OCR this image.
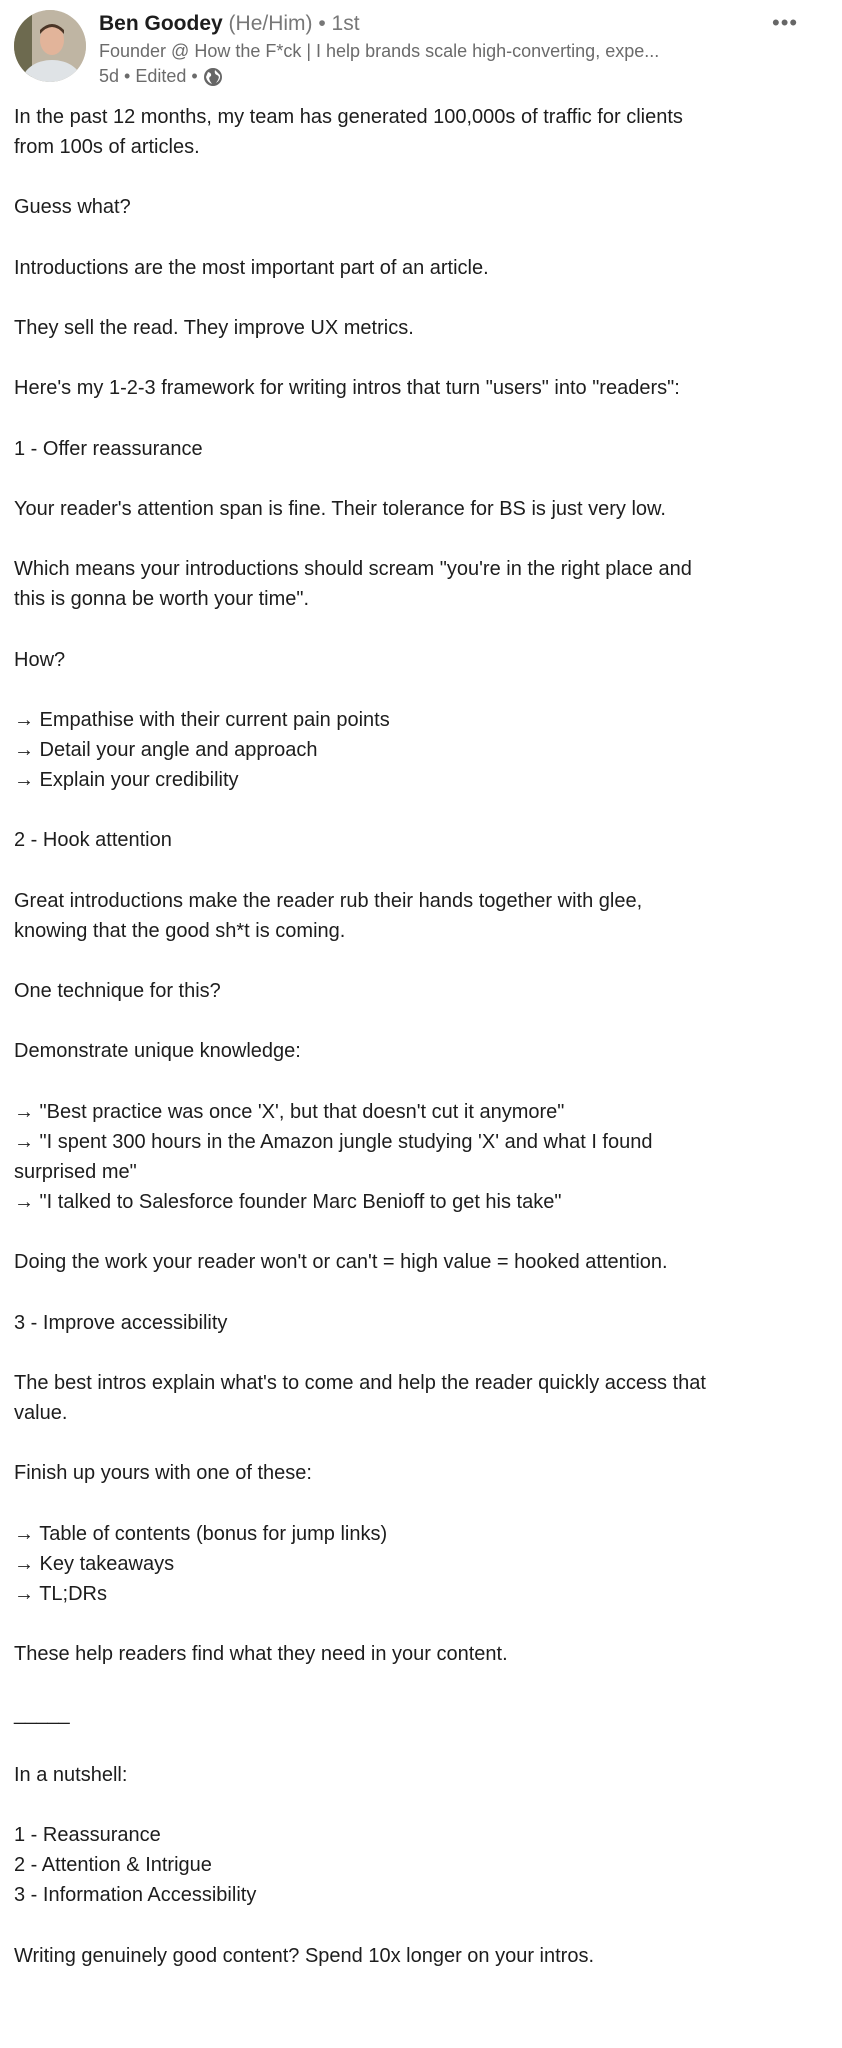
Ben Goodey (He/Him) • 1st
Founder @ How the F*ck | I help brands scale high-converting, expe...
5d • Edited •
•••
In the past 12 months, my team has generated 100,000s of traffic for clients
from 100s of articles.
Guess what?
Introductions are the most important part of an article.
They sell the read. They improve UX metrics.
Here's my 1-2-3 framework for writing intros that turn "users" into "readers":
1 - Offer reassurance
Your reader's attention span is fine. Their tolerance for BS is just very low.
Which means your introductions should scream "you're in the right place and
this is gonna be worth your time".
How?
→ Empathise with their current pain points
→ Detail your angle and approach
→ Explain your credibility
2 - Hook attention
Great introductions make the reader rub their hands together with glee,
knowing that the good sh*t is coming.
One technique for this?
Demonstrate unique knowledge:
→ "Best practice was once 'X', but that doesn't cut it anymore"
→ "I spent 300 hours in the Amazon jungle studying 'X' and what I found
surprised me"
→ "I talked to Salesforce founder Marc Benioff to get his take"
Doing the work your reader won't or can't = high value = hooked attention.
3 - Improve accessibility
The best intros explain what's to come and help the reader quickly access that
value.
Finish up yours with one of these:
→ Table of contents (bonus for jump links)
→ Key takeaways
→ TL;DRs
These help readers find what they need in your content.
_____
In a nutshell:
1 - Reassurance
2 - Attention & Intrigue
3 - Information Accessibility
Writing genuinely good content? Spend 10x longer on your intros.
